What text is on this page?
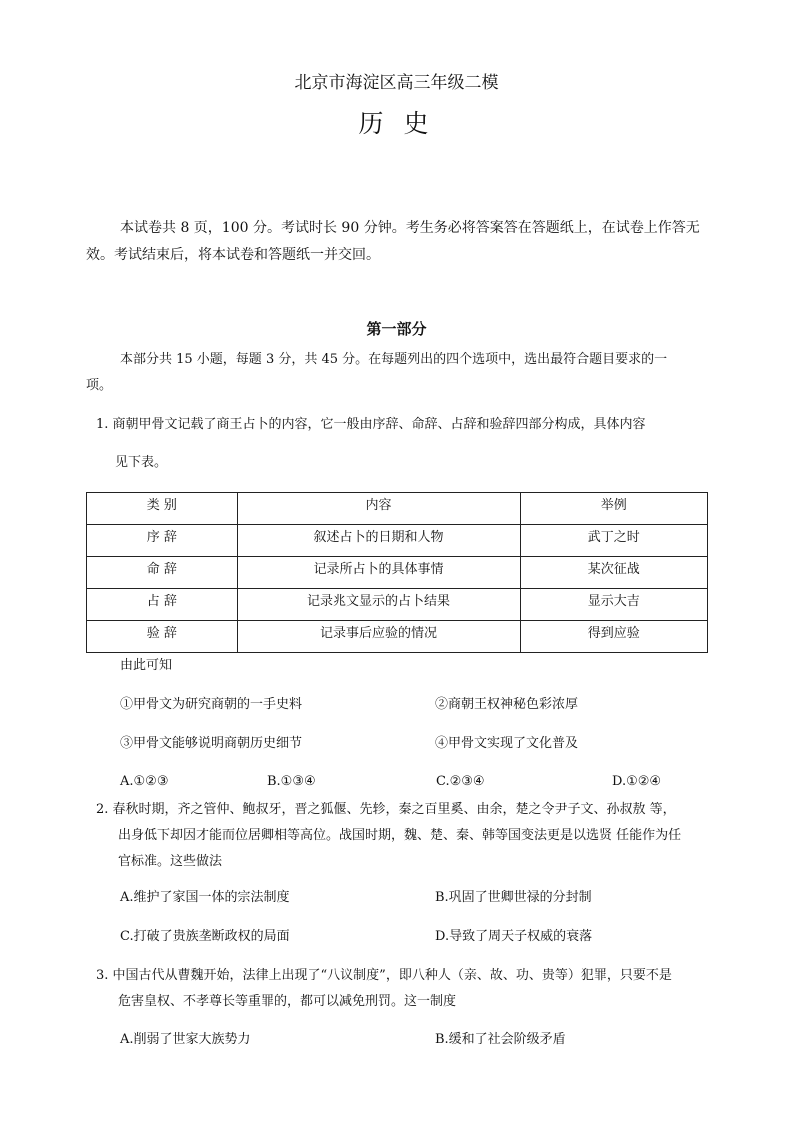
北京市海淀区高三年级二模
历 史
本试卷共 8 页，100 分。考试时长 90 分钟。考生务必将答案答在答题纸上，在试卷上作答无
效。考试结束后，将本试卷和答题纸一并交回。
第一部分
本部分共 15 小题，每题 3 分，共 45 分。在每题列出的四个选项中，选出最符合题目要求的一
项。
1. 商朝甲骨文记载了商王占卜的内容，它一般由序辞、命辞、占辞和验辞四部分构成，具体内容
见下表。
类 别	内容	举例
序 辞	叙述占卜的日期和人物	武丁之时
命 辞	记录所占卜的具体事情	某次征战
占 辞	记录兆文显示的占卜结果	显示大吉
验 辞	记录事后应验的情况	得到应验
由此可知
①甲骨文为研究商朝的一手史料	②商朝王权神秘色彩浓厚
③甲骨文能够说明商朝历史细节	④甲骨文实现了文化普及
A.①②③	B.①③④	C.②③④	D.①②④
2. 春秋时期，齐之管仲、鲍叔牙，晋之狐偃、先轸，秦之百里奚、由余，楚之令尹子文、孙叔敖 等，
出身低下却因才能而位居卿相等高位。战国时期，魏、楚、秦、韩等国变法更是以选贤 任能作为任
官标准。这些做法
A.维护了家国一体的宗法制度	B.巩固了世卿世禄的分封制
C.打破了贵族垄断政权的局面	D.导致了周天子权威的衰落
3. 中国古代从曹魏开始，法律上出现了“八议制度”，即八种人（亲、故、功、贵等）犯罪，只要不是
危害皇权、不孝尊长等重罪的，都可以减免刑罚。这一制度
A.削弱了世家大族势力	B.缓和了社会阶级矛盾
